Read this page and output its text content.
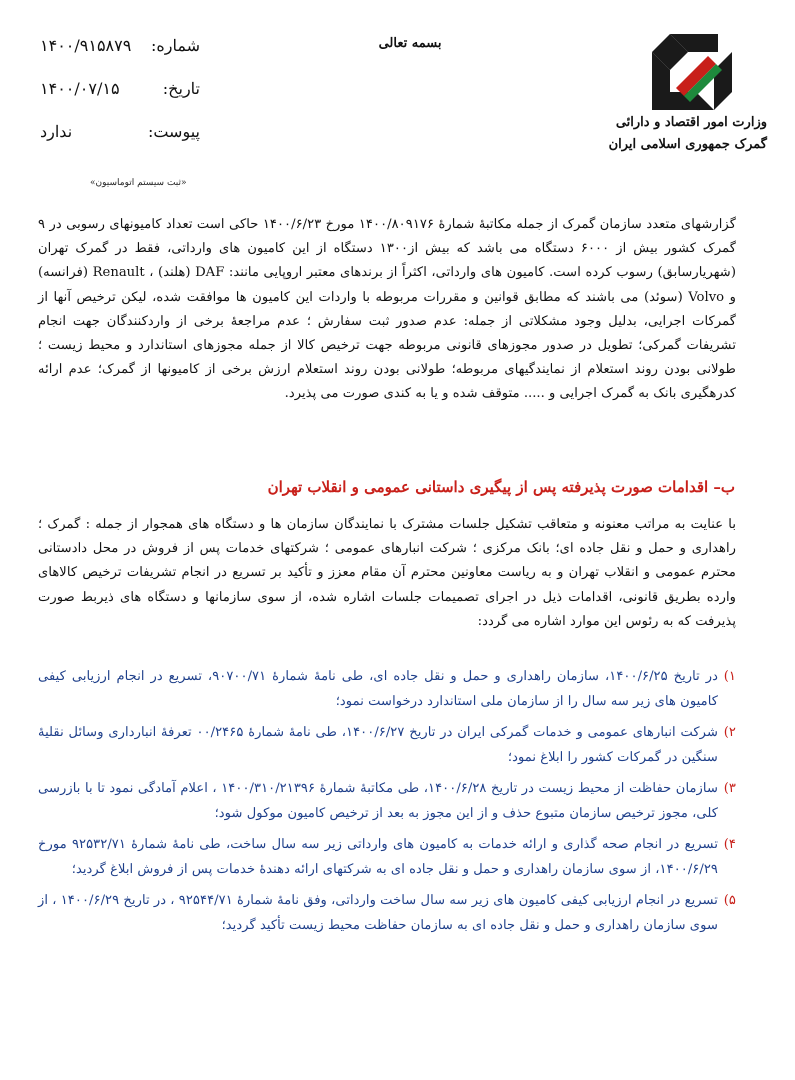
وزارت امور اقتصاد و دارائی
گمرک جمهوری اسلامی ایران
بسمه تعالی
شماره:
۱۴۰۰/۹۱۵۸۷۹
تاریخ:
۱۴۰۰/۰۷/۱۵
پیوست:
ندارد
«ثبت سیستم اتوماسیون»

گزارشهای متعدد سازمان گمرک از جمله مکاتبهٔ شمارهٔ ۱۴۰۰/۸۰۹۱۷۶ مورخ ۱۴۰۰/۶/۲۳ حاکی است تعداد کامیونهای رسوبی در ۹ گمرک کشور بیش از ۶۰۰۰ دستگاه می باشد که بیش از۱۳۰۰ دستگاه از این کامیون های وارداتی، فقط در گمرک تهران (شهریارسابق) رسوب کرده است. کامیون های وارداتی، اکثراً از برندهای معتبر اروپایی مانند: DAF (هلند) ، Renault (فرانسه) و Volvo (سوئد) می باشند که مطابق قوانین و مقررات مربوطه با واردات این کامیون ها موافقت شده، لیکن ترخیص آنها از گمرکات اجرایی، بدلیل وجود مشکلاتی از جمله: عدم صدور ثبت سفارش ؛ عدم مراجعهٔ برخی از واردکنندگان جهت انجام تشریفات گمرکی؛ تطویل در صدور مجوزهای قانونی مربوطه جهت ترخیص کالا از جمله مجوزهای استاندارد و محیط زیست ؛ طولانی بودن روند استعلام از نمایندگیهای مربوطه؛ طولانی بودن روند استعلام ارزش برخی از کامیونها از گمرک؛ عدم ارائه کدرهگیری بانک به گمرک اجرایی و ..... متوقف شده و یا به کندی صورت می پذیرد.

ب– اقدامات صورت پذیرفته پس از پیگیری داستانی عمومی و انقلاب تهران

با عنایت به مراتب معنونه و متعاقب تشکیل جلسات مشترک با نمایندگان سازمان ها و دستگاه های همجوار از جمله : گمرک ؛ راهداری و حمل و نقل جاده ای؛ بانک مرکزی ؛ شرکت انبارهای عمومی ؛ شرکتهای خدمات پس از فروش در محل دادستانی محترم عمومی و انقلاب تهران و به ریاست معاونین محترم آن مقام معزز و تأکید بر تسریع در انجام تشریفات ترخیص کالاهای وارده بطریق قانونی، اقدامات ذیل در اجرای تصمیمات جلسات اشاره شده، از سوی سازمانها و دستگاه های ذیربط صورت پذیرفت که به رئوس این موارد اشاره می گردد:

۱)
در تاریخ ۱۴۰۰/۶/۲۵، سازمان راهداری و حمل و نقل جاده ای، طی نامهٔ شمارهٔ ۹۰۷۰۰/۷۱، تسریع در انجام ارزیابی کیفی کامیون های زیر سه سال را از سازمان ملی استاندارد درخواست نمود؛
۲)
شرکت انبارهای عمومی و خدمات گمرکی ایران در تاریخ ۱۴۰۰/۶/۲۷، طی نامهٔ شمارهٔ ۰۰/۲۴۶۵ تعرفهٔ انبارداری وسائل نقلیهٔ سنگین در گمرکات کشور را ابلاغ نمود؛
۳)
سازمان حفاظت از محیط زیست در تاریخ ۱۴۰۰/۶/۲۸، طی مکاتبهٔ شمارهٔ ۱۴۰۰/۳۱۰/۲۱۳۹۶ ، اعلام آمادگی نمود تا با بازرسی کلی، مجوز ترخیص سازمان متبوع حذف و از این مجوز به بعد از ترخیص کامیون موکول شود؛
۴)
تسریع در انجام صحه گذاری و ارائه خدمات به کامیون های وارداتی زیر سه سال ساخت، طی نامهٔ شمارهٔ ۹۲۵۳۲/۷۱ مورخ ۱۴۰۰/۶/۲۹، از سوی سازمان راهداری و حمل و نقل جاده ای به شرکتهای ارائه دهندهٔ خدمات پس از فروش ابلاغ گردید؛
۵)
تسریع در انجام ارزیابی کیفی کامیون های زیر سه سال ساخت وارداتی، وفق نامهٔ شمارهٔ ۹۲۵۴۴/۷۱ ، در تاریخ ۱۴۰۰/۶/۲۹ ، از سوی سازمان راهداری و حمل و نقل جاده ای به سازمان حفاظت محیط زیست تأکید گردید؛
